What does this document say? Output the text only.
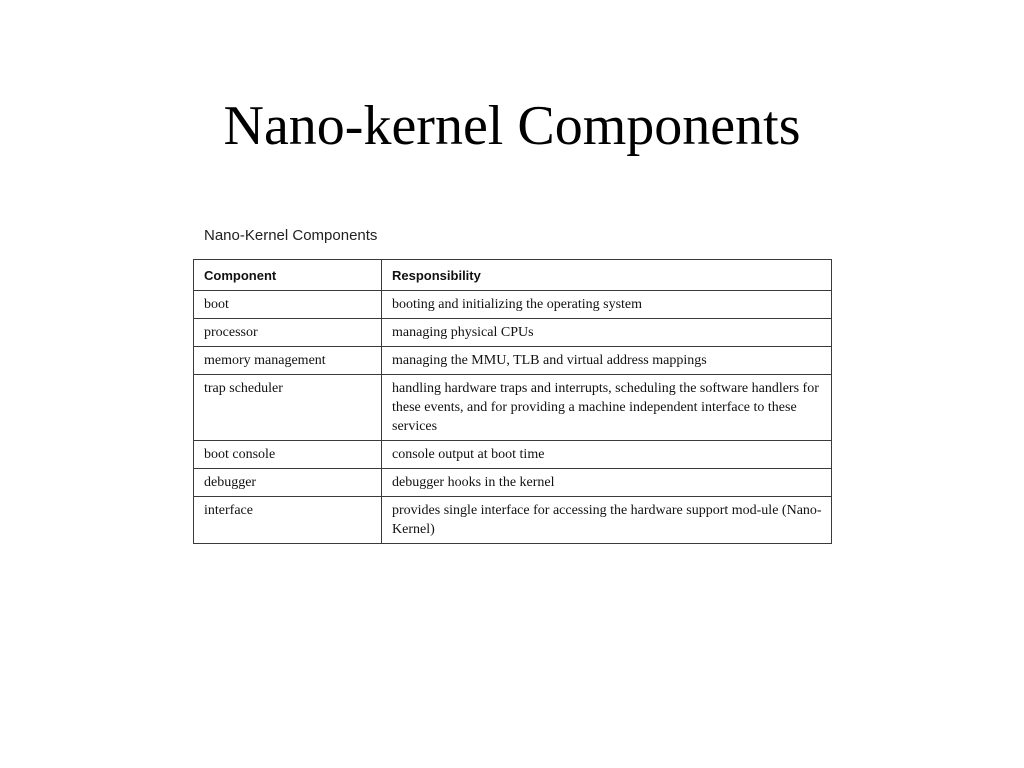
Nano-kernel Components

Nano-Kernel Components

Component	Responsibility
boot	booting and initializing the operating system
processor	managing physical CPUs
memory management	managing the MMU, TLB and virtual address mappings
trap scheduler	handling hardware traps and interrupts, scheduling the software handlers for these events, and for providing a machine independent interface to these services
boot console	console output at boot time
debugger	debugger hooks in the kernel
interface	provides single interface for accessing the hardware support mod-ule (Nano-Kernel)
